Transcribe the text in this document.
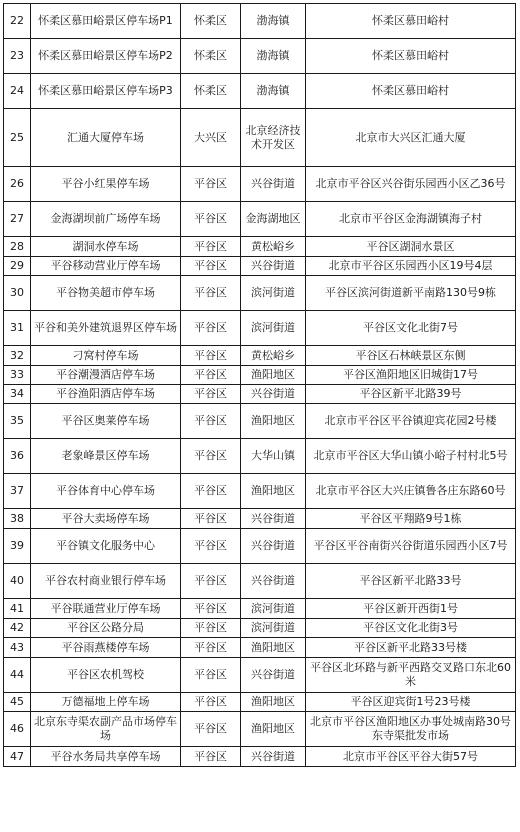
22	怀柔区慕田峪景区停车场P1	怀柔区	渤海镇	怀柔区慕田峪村
23	怀柔区慕田峪景区停车场P2	怀柔区	渤海镇	怀柔区慕田峪村
24	怀柔区慕田峪景区停车场P3	怀柔区	渤海镇	怀柔区慕田峪村
25	汇通大厦停车场	大兴区	北京经济技术开发区	北京市大兴区汇通大厦
26	平谷小红果停车场	平谷区	兴谷街道	北京市平谷区兴谷街乐园西小区乙36号
27	金海湖坝前广场停车场	平谷区	金海湖地区	北京市平谷区金海湖镇海子村
28	湖洞水停车场	平谷区	黄松峪乡	平谷区湖洞水景区
29	平谷移动营业厅停车场	平谷区	兴谷街道	北京市平谷区乐园西小区19号4层
30	平谷物美超市停车场	平谷区	滨河街道	平谷区滨河街道新平南路130号9栋
31	平谷和美外建筑退界区停车场	平谷区	滨河街道	平谷区文化北街7号
32	刁窝村停车场	平谷区	黄松峪乡	平谷区石林峡景区东侧
33	平谷潮漫酒店停车场	平谷区	渔阳地区	平谷区渔阳地区旧城街17号
34	平谷渔阳酒店停车场	平谷区	兴谷街道	平谷区新平北路39号
35	平谷区奥莱停车场	平谷区	渔阳地区	北京市平谷区平谷镇迎宾花园2号楼
36	老象峰景区停车场	平谷区	大华山镇	北京市平谷区大华山镇小峪子村村北5号
37	平谷体育中心停车场	平谷区	渔阳地区	北京市平谷区大兴庄镇鲁各庄东路60号
38	平谷大卖场停车场	平谷区	兴谷街道	平谷区平翔路9号1栋
39	平谷镇文化服务中心	平谷区	兴谷街道	平谷区平谷南街兴谷街道乐园西小区7号
40	平谷农村商业银行停车场	平谷区	兴谷街道	平谷区新平北路33号
41	平谷联通营业厅停车场	平谷区	滨河街道	平谷区新开西街1号
42	平谷区公路分局	平谷区	滨河街道	平谷区文化北街3号
43	平谷雨燕楼停车场	平谷区	渔阳地区	平谷区新平北路33号楼
44	平谷区农机驾校	平谷区	兴谷街道	平谷区北环路与新平西路交叉路口东北60米
45	万德福地上停车场	平谷区	渔阳地区	平谷区迎宾街1号23号楼
46	北京东寺渠农副产品市场停车场	平谷区	渔阳地区	北京市平谷区渔阳地区办事处城南路30号东寺渠批发市场
47	平谷水务局共享停车场	平谷区	兴谷街道	北京市平谷区平谷大街57号
